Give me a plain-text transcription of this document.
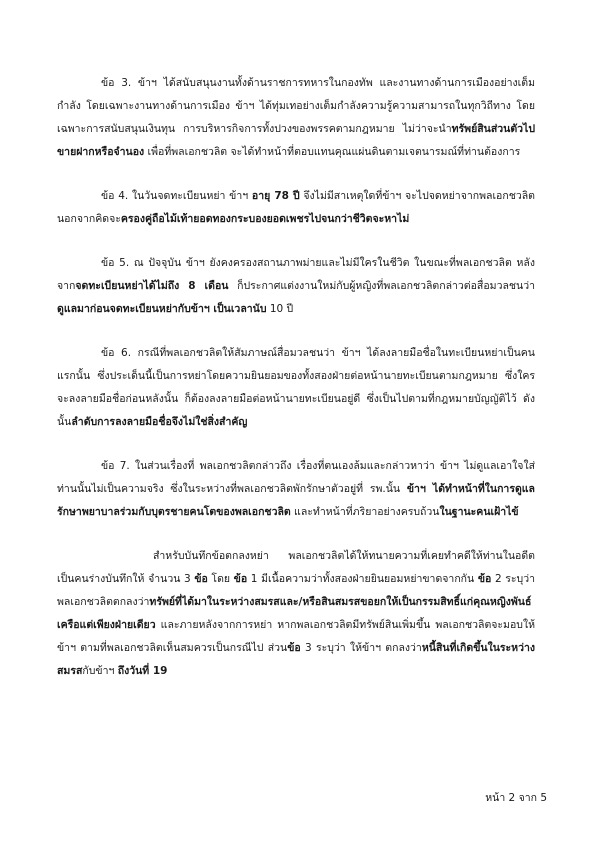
ข้อ 3. ข้าฯ ได้สนับสนุนงานทั้งด้านราชการทหารในกองทัพ และงานทางด้านการเมืองอย่างเต็มกำลัง โดยเฉพาะงานทางด้านการเมือง ข้าฯ ได้ทุ่มเทอย่างเต็มกำลังความรู้ความสามารถในทุกวิถีทาง โดยเฉพาะการสนับสนุนเงินทุน การบริหารกิจการทั้งปวงของพรรคตามกฎหมาย ไม่ว่าจะนำทรัพย์สินส่วนตัวไปขายฝากหรือจำนอง เพื่อที่พลเอกชวลิต จะได้ทำหน้าที่ตอบแทนคุณแผ่นดินตามเจตนารมณ์ที่ท่านต้องการ

ข้อ 4. ในวันจดทะเบียนหย่า ข้าฯ อายุ 78 ปี จึงไม่มีสาเหตุใดที่ข้าฯ จะไปจดหย่าจากพลเอกชวลิต นอกจากคิดจะครองคู่ถือไม้เท้ายอดทองกระบองยอดเพชรไปจนกว่าชีวิตจะหาไม่

ข้อ 5. ณ ปัจจุบัน ข้าฯ ยังคงครองสถานภาพม่ายและไม่มีใครในชีวิต ในขณะที่พลเอกชวลิต หลังจากจดทะเบียนหย่าได้ไม่ถึง 8 เดือน ก็ประกาศแต่งงานใหม่กับผู้หญิงที่พลเอกชวลิตกล่าวต่อสื่อมวลชนว่าดูแลมาก่อนจดทะเบียนหย่ากับข้าฯ เป็นเวลานับ 10 ปี

ข้อ 6. กรณีที่พลเอกชวลิตให้สัมภาษณ์สื่อมวลชนว่า ข้าฯ ได้ลงลายมือชื่อในทะเบียนหย่าเป็นคนแรกนั้น ซึ่งประเด็นนี้เป็นการหย่าโดยความยินยอมของทั้งสองฝ่ายต่อหน้านายทะเบียนตามกฎหมาย ซึ่งใครจะลงลายมือชื่อก่อนหลังนั้น ก็ต้องลงลายมือต่อหน้านายทะเบียนอยู่ดี ซึ่งเป็นไปตามที่กฎหมายบัญญัติไว้ ดังนั้นลำดับการลงลายมือชื่อจึงไม่ใช่สิ่งสำคัญ

ข้อ 7. ในส่วนเรื่องที่ พลเอกชวลิตกล่าวถึง เรื่องที่ตนเองล้มและกล่าวหาว่า ข้าฯ ไม่ดูแลเอาใจใส่ท่านนั้นไม่เป็นความจริง ซึ่งในระหว่างที่พลเอกชวลิตพักรักษาตัวอยู่ที่ รพ.นั้น ข้าฯ ได้ทำหน้าที่ในการดูแลรักษาพยาบาลร่วมกับบุตรชายคนโตของพลเอกชวลิต และทำหน้าที่ภริยาอย่างครบถ้วนในฐานะคนเฝ้าไข้

สำหรับบันทึกข้อตกลงหย่า พลเอกชวลิตได้ให้ทนายความที่เคยทำคดีให้ท่านในอดีตเป็นคนร่างบันทึกให้ จำนวน 3 ข้อ โดย ข้อ 1 มีเนื้อความว่าทั้งสองฝ่ายยินยอมหย่าขาดจากกัน ข้อ 2 ระบุว่า พลเอกชวลิตตกลงว่าทรัพย์ที่ได้มาในระหว่างสมรสและ/หรือสินสมรสขอยกให้เป็นกรรมสิทธิ์แก่คุณหญิงพันธ์เครือแต่เพียงฝ่ายเดียว และภายหลังจากการหย่า หากพลเอกชวลิตมีทรัพย์สินเพิ่มขึ้น พลเอกชวลิตจะมอบให้ข้าฯ ตามที่พลเอกชวลิตเห็นสมควรเป็นกรณีไป ส่วนข้อ 3 ระบุว่า ให้ข้าฯ ตกลงว่าหนี้สินที่เกิดขึ้นในระหว่างสมรสกับข้าฯ ถึงวันที่ 19

หน้า 2 จาก 5
